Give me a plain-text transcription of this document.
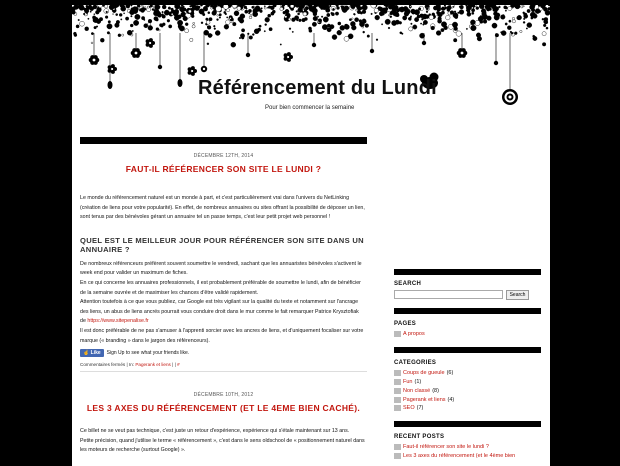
Référencement du Lundi
Pour bien commencer la semaine
DÉCEMBRE 12TH, 2014
FAUT-IL RÉFÉRENCER SON SITE LE LUNDI ?
Le monde du référencement naturel est un monde à part, et c'est particulièrement vrai dans l'univers du NetLinking (création de liens pour votre popularité). En effet, de nombreux annuaires ou sites offrant la possibilité de déposer un lien, sont tenus par des bénévoles gérant un annuaire tel un passe temps, c'est leur petit projet web personnel !
QUEL EST LE MEILLEUR JOUR POUR RÉFÉRENCER SON SITE DANS UN ANNUAIRE ?
De nombreux référenceurs préfèrent souvent soumettre le vendredi, sachant que les annuaristes bénévoles s'activent le week end pour valider un maximum de fiches.
En ce qui concerne les annuaires professionnels, il est probablement préférable de soumettre le lundi, afin de bénéficier de la semaine ouvrée et de maximiser les chances d'être validé rapidement.
Attention toutefois à ce que vous publiez, car Google est très vigilant sur la qualité du texte et notamment sur l'ancrage des liens, un abus de liens ancrés pourrait vous conduire droit dans le mur comme le fait remarquer Patrice Krysztofiak de https://www.sitepenalise.fr
Il est donc préférable de ne pas s'amuser à l'apprenti sorcier avec les ancres de liens, et d'uniquement focaliser sur votre marque (« branding » dans le jargon des référenceurs).
☝ Like	Sign Up to see what your friends like.
Commentaires fermés | In: Pagerank et liens | | #
DÉCEMBRE 10TH, 2012
LES 3 AXES DU RÉFÉRENCEMENT (ET LE 4EME BIEN CACHÉ).
Ce billet ne se veut pas technique, c'est juste un retour d'expérience, expérience qui s'étale maintenant sur 13 ans.
Petite précision, quand j'utilise le terme « référencement », c'est dans le sens oldschool de « positionnement naturel dans les moteurs de recherche (surtout Google) ».
SEARCH
Search
PAGES
A propos
CATEGORIES
Coups de gueule (6)
Fun (1)
Non classé (8)
Pagerank et liens (4)
SEO (7)
RECENT POSTS
Faut-il référencer son site le lundi ?
Les 3 axes du référencement (et le 4ème bien
